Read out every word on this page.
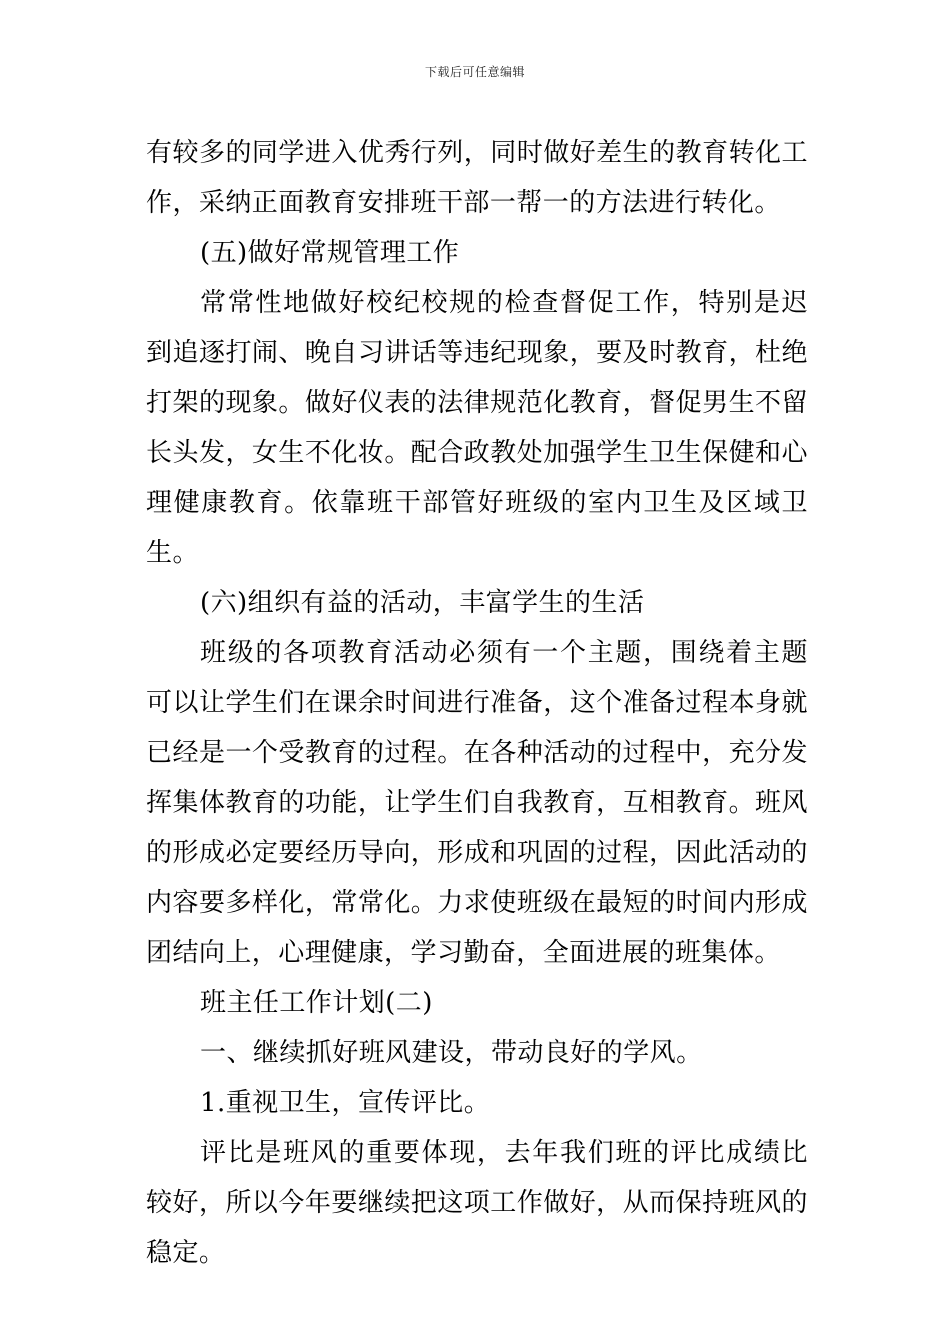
下载后可任意编辑

有较多的同学进入优秀行列，同时做好差生的教育转化工作，采纳正面教育安排班干部一帮一的方法进行转化。

(五)做好常规管理工作

常常性地做好校纪校规的检查督促工作，特别是迟到追逐打闹、晚自习讲话等违纪现象，要及时教育，杜绝打架的现象。做好仪表的法律规范化教育，督促男生不留长头发，女生不化妆。配合政教处加强学生卫生保健和心理健康教育。依靠班干部管好班级的室内卫生及区域卫生。

(六)组织有益的活动，丰富学生的生活

班级的各项教育活动必须有一个主题，围绕着主题可以让学生们在课余时间进行准备，这个准备过程本身就已经是一个受教育的过程。在各种活动的过程中，充分发挥集体教育的功能，让学生们自我教育，互相教育。班风的形成必定要经历导向，形成和巩固的过程，因此活动的内容要多样化，常常化。力求使班级在最短的时间内形成团结向上，心理健康，学习勤奋，全面进展的班集体。

班主任工作计划(二)

一、继续抓好班风建设，带动良好的学风。

1.重视卫生，宣传评比。

评比是班风的重要体现，去年我们班的评比成绩比较好，所以今年要继续把这项工作做好，从而保持班风的稳定。
